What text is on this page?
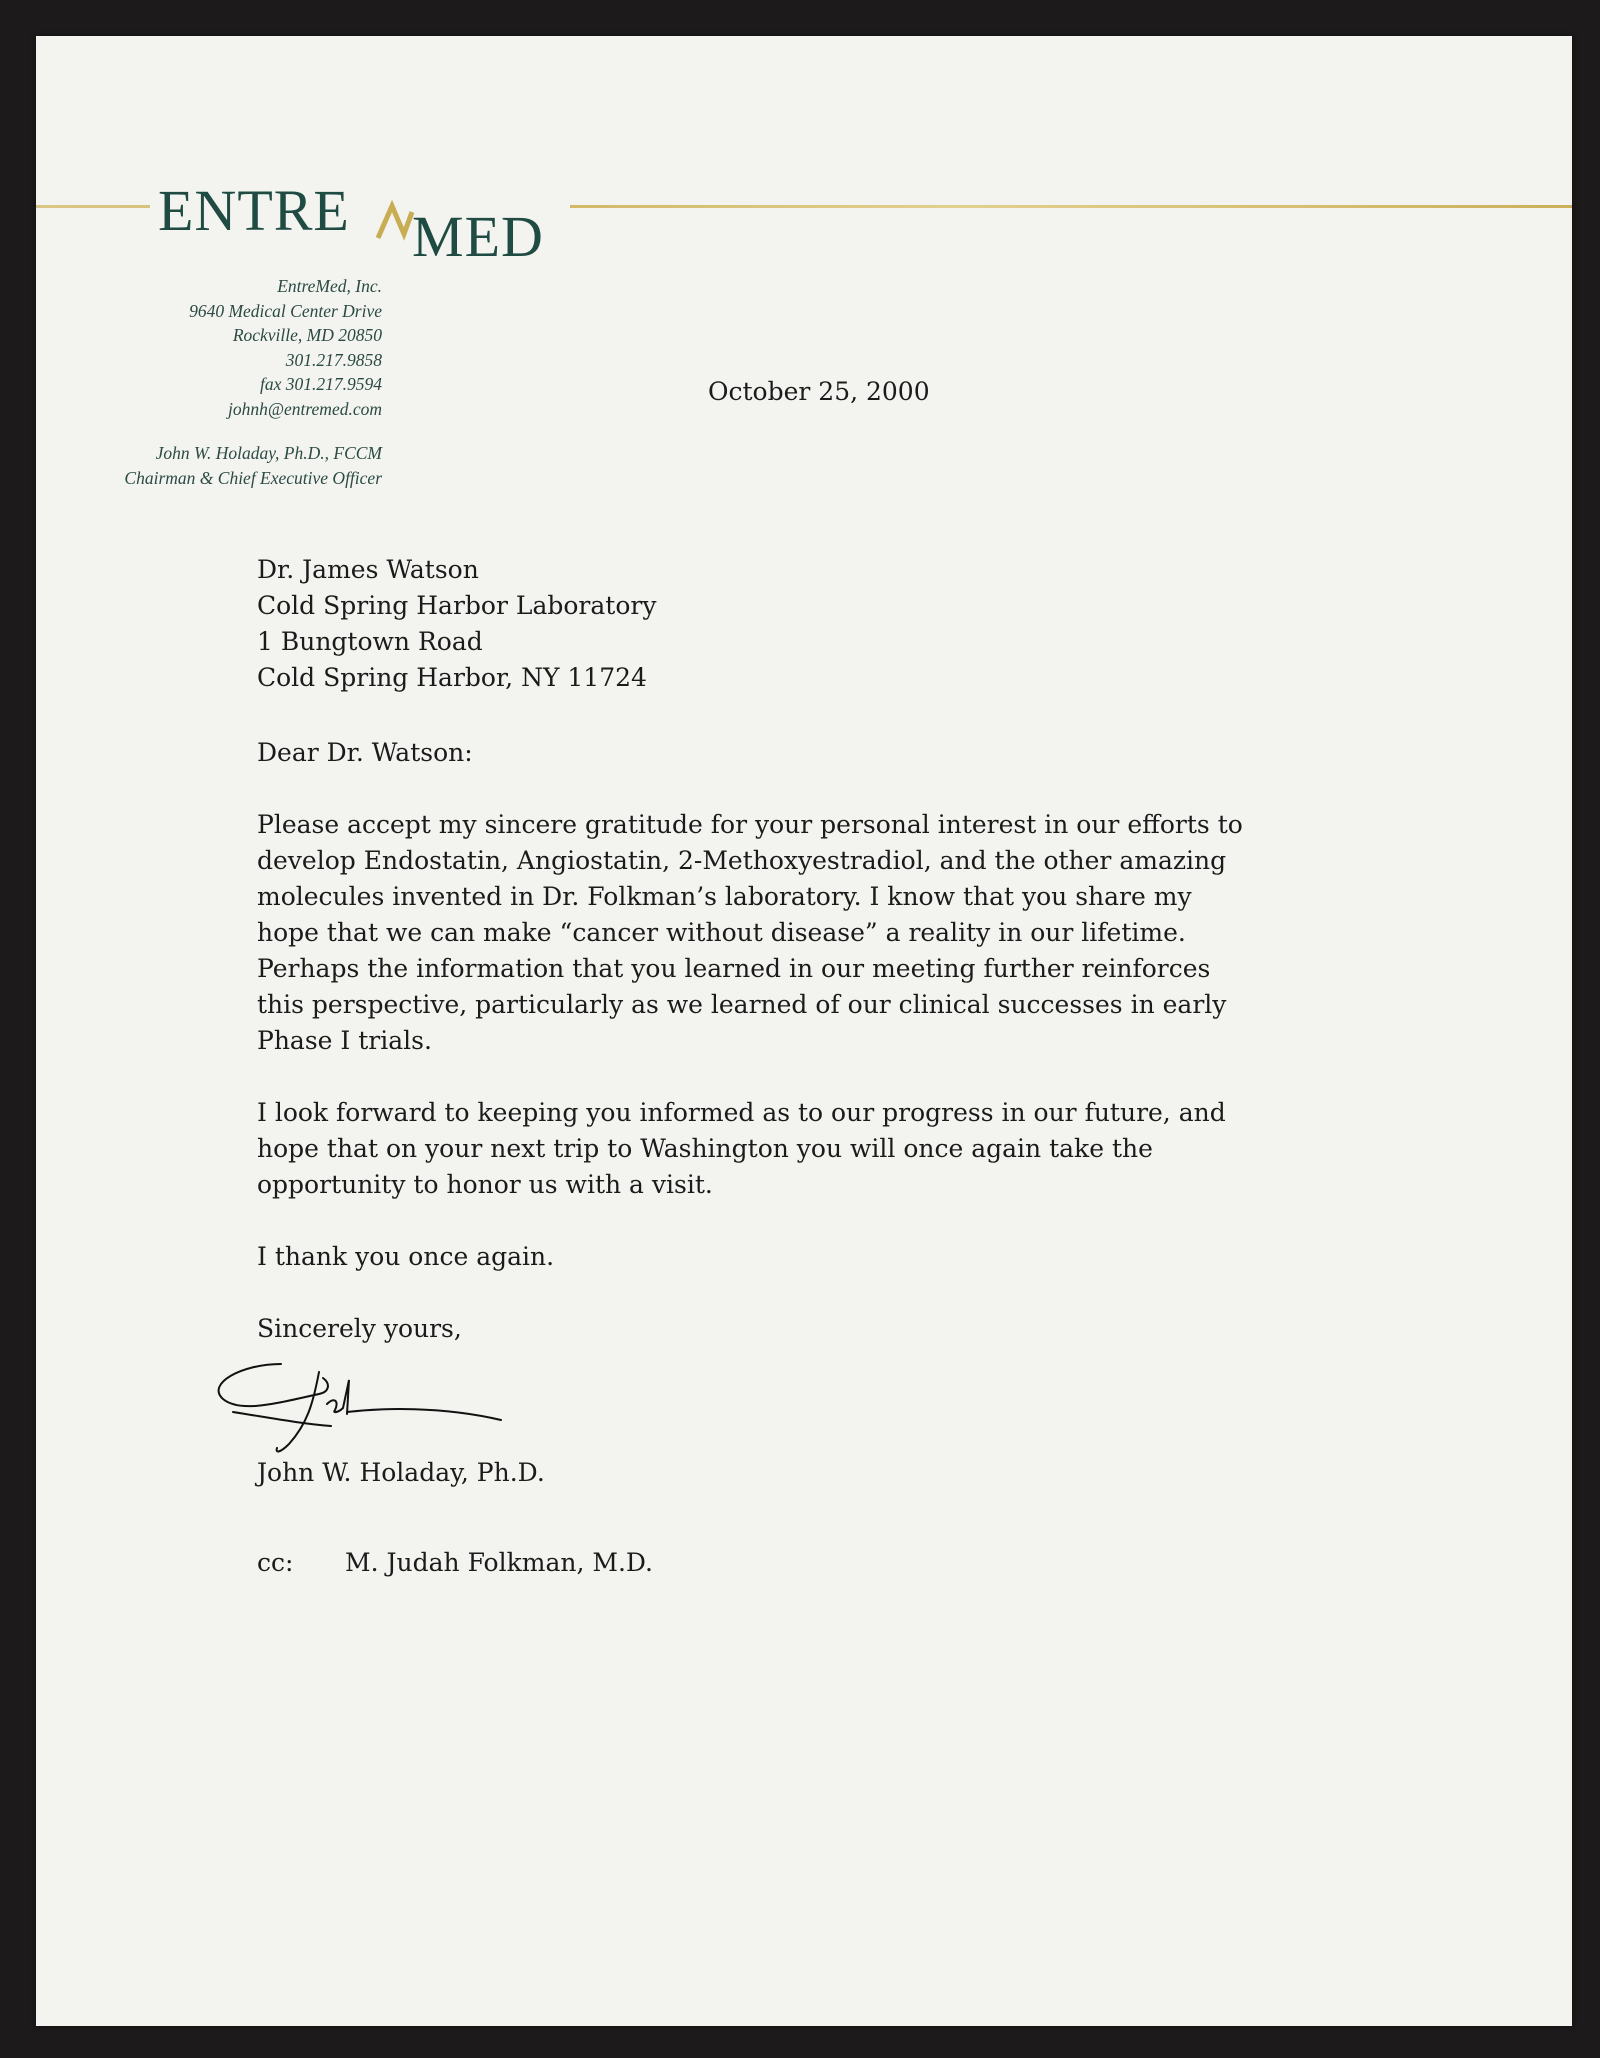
ENTRE MED
EntreMed, Inc.
9640 Medical Center Drive
Rockville, MD 20850
301.217.9858
fax 301.217.9594
johnh@entremed.com
John W. Holaday, Ph.D., FCCM
Chairman & Chief Executive Officer
October 25, 2000
Dr. James Watson
Cold Spring Harbor Laboratory
1 Bungtown Road
Cold Spring Harbor, NY 11724
Dear Dr. Watson:
Please accept my sincere gratitude for your personal interest in our efforts to
develop Endostatin, Angiostatin, 2-Methoxyestradiol, and the other amazing
molecules invented in Dr. Folkman’s laboratory. I know that you share my
hope that we can make “cancer without disease” a reality in our lifetime.
Perhaps the information that you learned in our meeting further reinforces
this perspective, particularly as we learned of our clinical successes in early
Phase I trials.
I look forward to keeping you informed as to our progress in our future, and
hope that on your next trip to Washington you will once again take the
opportunity to honor us with a visit.
I thank you once again.
Sincerely yours,
John W. Holaday, Ph.D.
cc:	M. Judah Folkman, M.D.
